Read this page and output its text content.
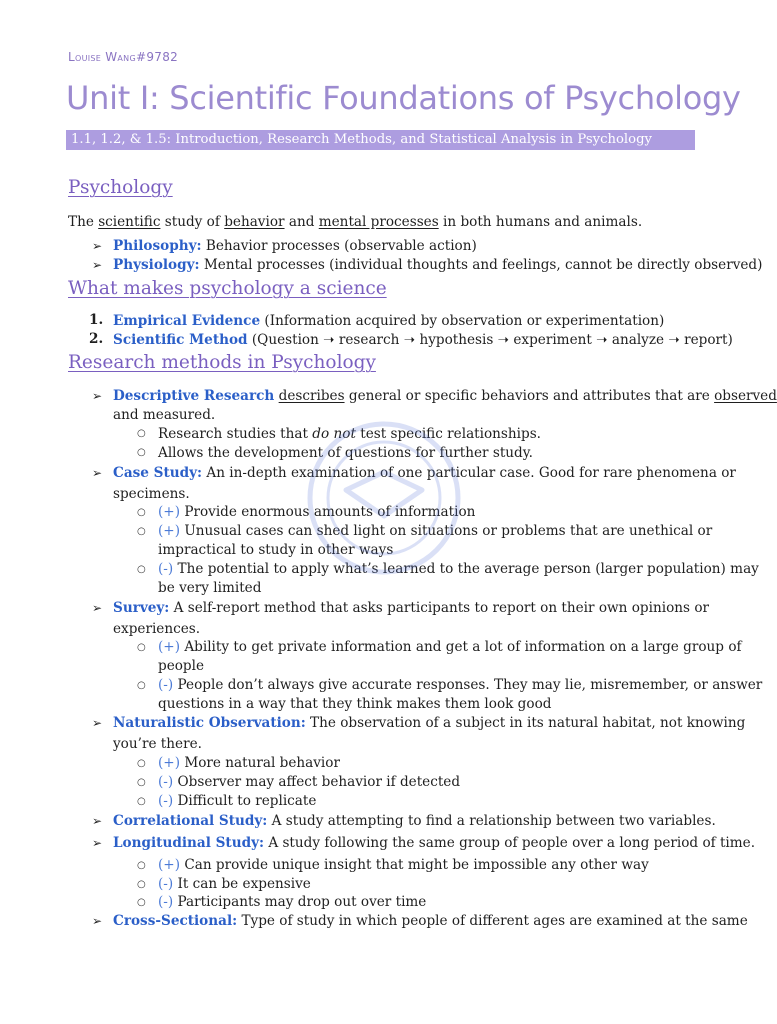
Louise Wang#9782
Unit I: Scientific Foundations of Psychology
1.1, 1.2, & 1.5: Introduction, Research Methods, and Statistical Analysis in Psychology
Psychology
The scientific study of behavior and mental processes in both humans and animals.
➢ Philosophy: Behavior processes (observable action)
➢ Physiology: Mental processes (individual thoughts and feelings, cannot be directly observed)
What makes psychology a science
1. Empirical Evidence (Information acquired by observation or experimentation)
2. Scientific Method (Question ➝ research ➝ hypothesis ➝ experiment ➝ analyze ➝ report)
Research methods in Psychology
➢ Descriptive Research describes general or specific behaviors and attributes that are observed
and measured.
○ Research studies that do not test specific relationships.
○ Allows the development of questions for further study.
➢ Case Study: An in-depth examination of one particular case. Good for rare phenomena or
specimens.
○ (+) Provide enormous amounts of information
○ (+) Unusual cases can shed light on situations or problems that are unethical or
impractical to study in other ways
○ (-) The potential to apply what’s learned to the average person (larger population) may
be very limited
➢ Survey: A self-report method that asks participants to report on their own opinions or
experiences.
○ (+) Ability to get private information and get a lot of information on a large group of
people
○ (-) People don’t always give accurate responses. They may lie, misremember, or answer
questions in a way that they think makes them look good
➢ Naturalistic Observation: The observation of a subject in its natural habitat, not knowing
you’re there.
○ (+) More natural behavior
○ (-) Observer may affect behavior if detected
○ (-) Difficult to replicate
➢ Correlational Study: A study attempting to find a relationship between two variables.
➢ Longitudinal Study: A study following the same group of people over a long period of time.
○ (+) Can provide unique insight that might be impossible any other way
○ (-) It can be expensive
○ (-) Participants may drop out over time
➢ Cross-Sectional: Type of study in which people of different ages are examined at the same
